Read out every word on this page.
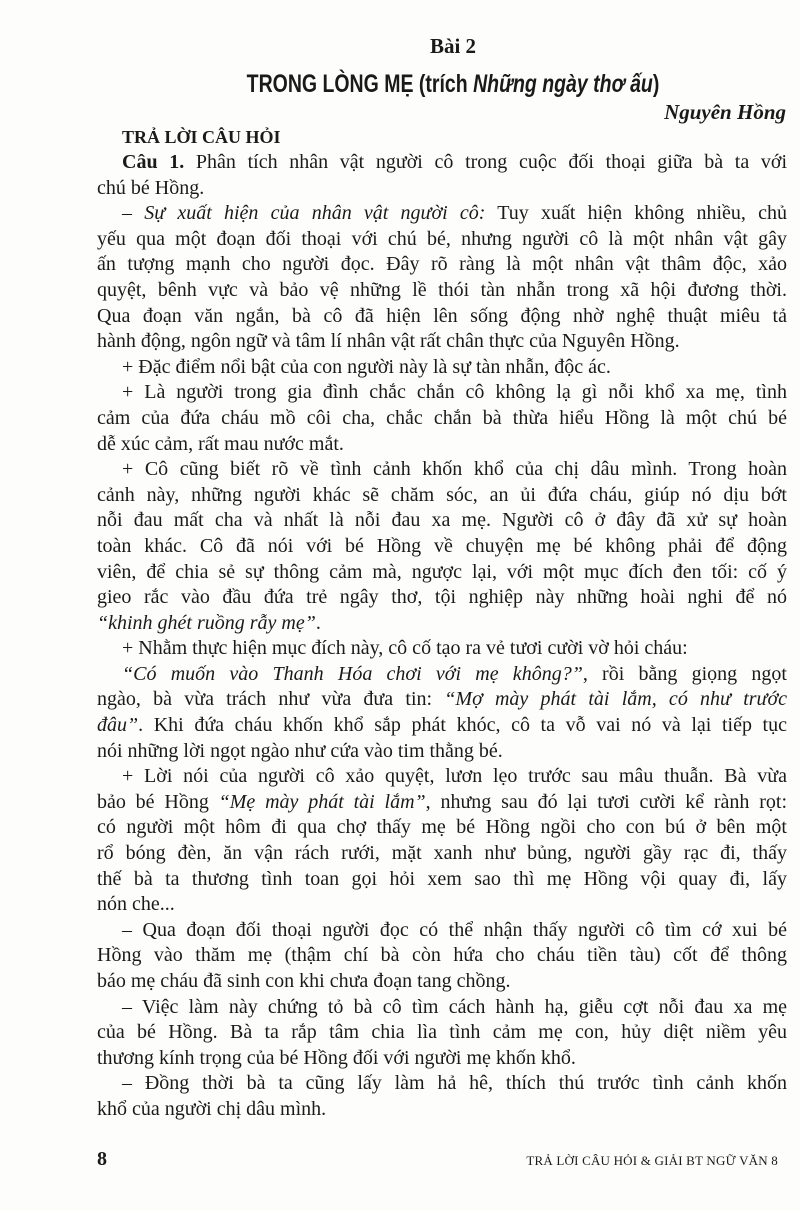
Bài 2
TRONG LÒNG MẸ (trích Những ngày thơ ấu)
Nguyên Hồng
TRẢ LỜI CÂU HỎI
Câu 1. Phân tích nhân vật người cô trong cuộc đối thoại giữa bà ta với
chú bé Hồng.
– Sự xuất hiện của nhân vật người cô: Tuy xuất hiện không nhiều, chủ
yếu qua một đoạn đối thoại với chú bé, nhưng người cô là một nhân vật gây
ấn tượng mạnh cho người đọc. Đây rõ ràng là một nhân vật thâm độc, xảo
quyệt, bênh vực và bảo vệ những lề thói tàn nhẫn trong xã hội đương thời.
Qua đoạn văn ngắn, bà cô đã hiện lên sống động nhờ nghệ thuật miêu tả
hành động, ngôn ngữ và tâm lí nhân vật rất chân thực của Nguyên Hồng.
+ Đặc điểm nổi bật của con người này là sự tàn nhẫn, độc ác.
+ Là người trong gia đình chắc chắn cô không lạ gì nỗi khổ xa mẹ, tình
cảm của đứa cháu mồ côi cha, chắc chắn bà thừa hiểu Hồng là một chú bé
dễ xúc cảm, rất mau nước mắt.
+ Cô cũng biết rõ về tình cảnh khốn khổ của chị dâu mình. Trong hoàn
cảnh này, những người khác sẽ chăm sóc, an ủi đứa cháu, giúp nó dịu bớt
nỗi đau mất cha và nhất là nỗi đau xa mẹ. Người cô ở đây đã xử sự hoàn
toàn khác. Cô đã nói với bé Hồng về chuyện mẹ bé không phải để động
viên, để chia sẻ sự thông cảm mà, ngược lại, với một mục đích đen tối: cố ý
gieo rắc vào đầu đứa trẻ ngây thơ, tội nghiệp này những hoài nghi để nó
“khinh ghét ruồng rẫy mẹ”.
+ Nhằm thực hiện mục đích này, cô cố tạo ra vẻ tươi cười vờ hỏi cháu:
“Có muốn vào Thanh Hóa chơi với mẹ không?”, rồi bằng giọng ngọt
ngào, bà vừa trách như vừa đưa tin: “Mợ mày phát tài lắm, có như trước
đâu”. Khi đứa cháu khốn khổ sắp phát khóc, cô ta vỗ vai nó và lại tiếp tục
nói những lời ngọt ngào như cứa vào tim thằng bé.
+ Lời nói của người cô xảo quyệt, lươn lẹo trước sau mâu thuẫn. Bà vừa
bảo bé Hồng “Mẹ mày phát tài lắm”, nhưng sau đó lại tươi cười kể rành rọt:
có người một hôm đi qua chợ thấy mẹ bé Hồng ngồi cho con bú ở bên một
rổ bóng đèn, ăn vận rách rưới, mặt xanh như bủng, người gầy rạc đi, thấy
thế bà ta thương tình toan gọi hỏi xem sao thì mẹ Hồng vội quay đi, lấy
nón che...
– Qua đoạn đối thoại người đọc có thể nhận thấy người cô tìm cớ xui bé
Hồng vào thăm mẹ (thậm chí bà còn hứa cho cháu tiền tàu) cốt để thông
báo mẹ cháu đã sinh con khi chưa đoạn tang chồng.
– Việc làm này chứng tỏ bà cô tìm cách hành hạ, giễu cợt nỗi đau xa mẹ
của bé Hồng. Bà ta rắp tâm chia lìa tình cảm mẹ con, hủy diệt niềm yêu
thương kính trọng của bé Hồng đối với người mẹ khốn khổ.
– Đồng thời bà ta cũng lấy làm hả hê, thích thú trước tình cảnh khốn
khổ của người chị dâu mình.
8	TRẢ LỜI CÂU HỎI & GIẢI BT NGỮ VĂN 8
